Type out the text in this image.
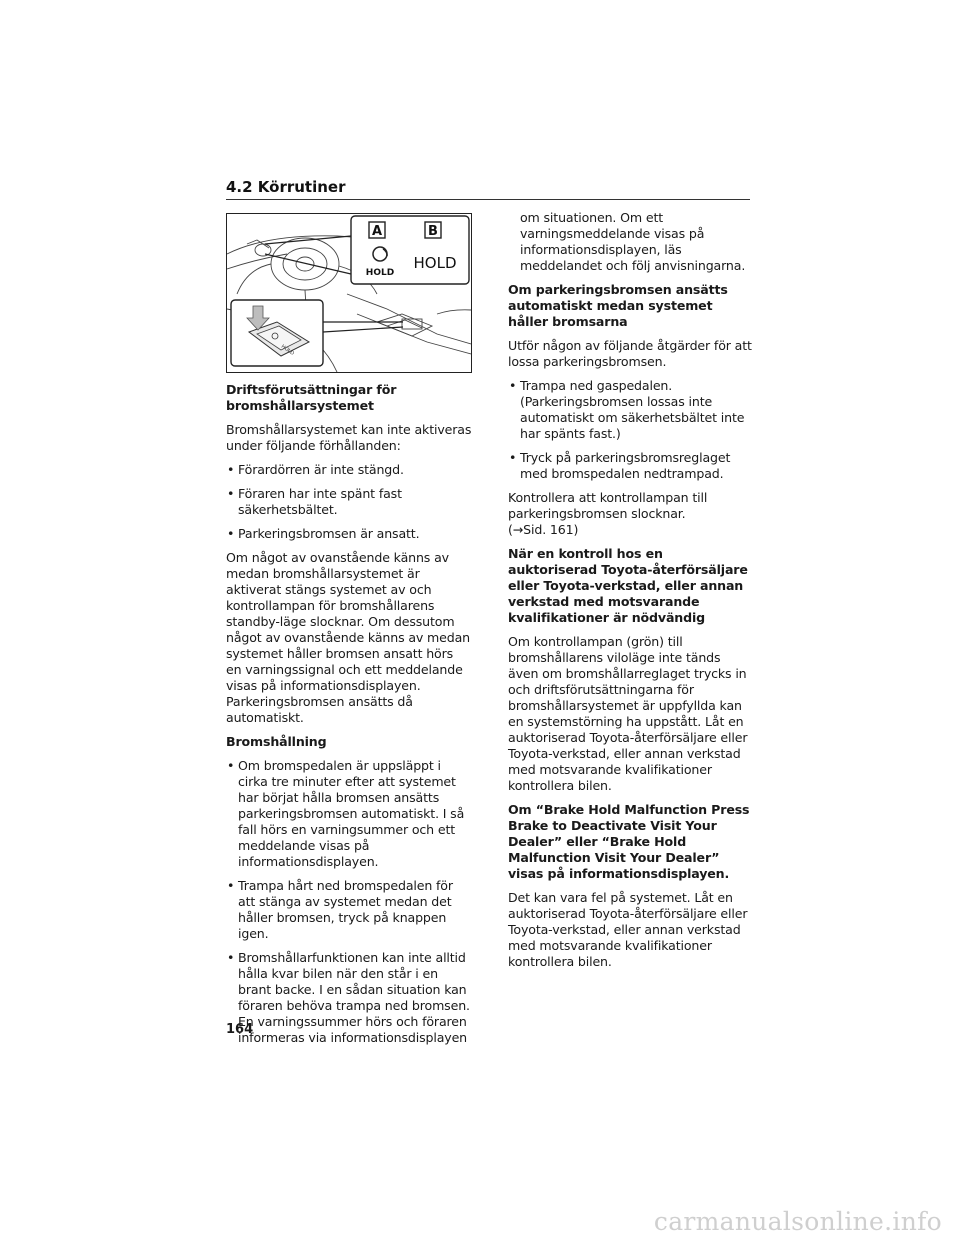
4.2 Körrutiner
A	B
HOLD
HOLD
HOLD
Driftsförutsättningar för bromshållarsystemet

Bromshållarsystemet kan inte aktiveras under följande förhållanden:

• Förardörren är inte stängd.
• Föraren har inte spänt fast säkerhetsbältet.
• Parkeringsbromsen är ansatt.

Om något av ovanstående känns av medan bromshållarsystemet är aktiverat stängs systemet av och kontrollampan för bromshållarens standby-läge slocknar. Om dessutom något av ovanstående känns av medan systemet håller bromsen ansatt hörs en varningssignal och ett meddelande visas på informationsdisplayen. Parkeringsbromsen ansätts då automatiskt.

Bromshållning
• Om bromspedalen är uppsläppt i cirka tre minuter efter att systemet har börjat hålla bromsen ansätts parkeringsbromsen automatiskt. I så fall hörs en varningsummer och ett meddelande visas på informationsdisplayen.
• Trampa hårt ned bromspedalen för att stänga av systemet medan det håller bromsen, tryck på knappen igen.
• Bromshållarfunktionen kan inte alltid hålla kvar bilen när den står i en brant backe. I en sådan situation kan föraren behöva trampa ned bromsen. En varningssummer hörs och föraren informeras via informationsdisplayen

om situationen. Om ett varningsmeddelande visas på informationsdisplayen, läs meddelandet och följ anvisningarna.

Om parkeringsbromsen ansätts automatiskt medan systemet håller bromsarna

Utför någon av följande åtgärder för att lossa parkeringsbromsen.

• Trampa ned gaspedalen. (Parkeringsbromsen lossas inte automatiskt om säkerhetsbältet inte har spänts fast.)
• Tryck på parkeringsbromsreglaget med bromspedalen nedtrampad.

Kontrollera att kontrollampan till parkeringsbromsen slocknar.
(→Sid. 161)

När en kontroll hos en auktoriserad Toyota-återförsäljare eller Toyota-verkstad, eller annan verkstad med motsvarande kvalifikationer är nödvändig

Om kontrollampan (grön) till bromshållarens viloläge inte tänds även om bromshållarreglaget trycks in och driftsförutsättningarna för bromshållarsystemet är uppfyllda kan en systemstörning ha uppstått. Låt en auktoriserad Toyota-återförsäljare eller Toyota-verkstad, eller annan verkstad med motsvarande kvalifikationer kontrollera bilen.

Om “Brake Hold Malfunction Press Brake to Deactivate Visit Your Dealer” eller “Brake Hold Malfunction Visit Your Dealer” visas på informationsdisplayen.

Det kan vara fel på systemet. Låt en auktoriserad Toyota-återförsäljare eller Toyota-verkstad, eller annan verkstad med motsvarande kvalifikationer kontrollera bilen.

164
carmanualsonline.info
